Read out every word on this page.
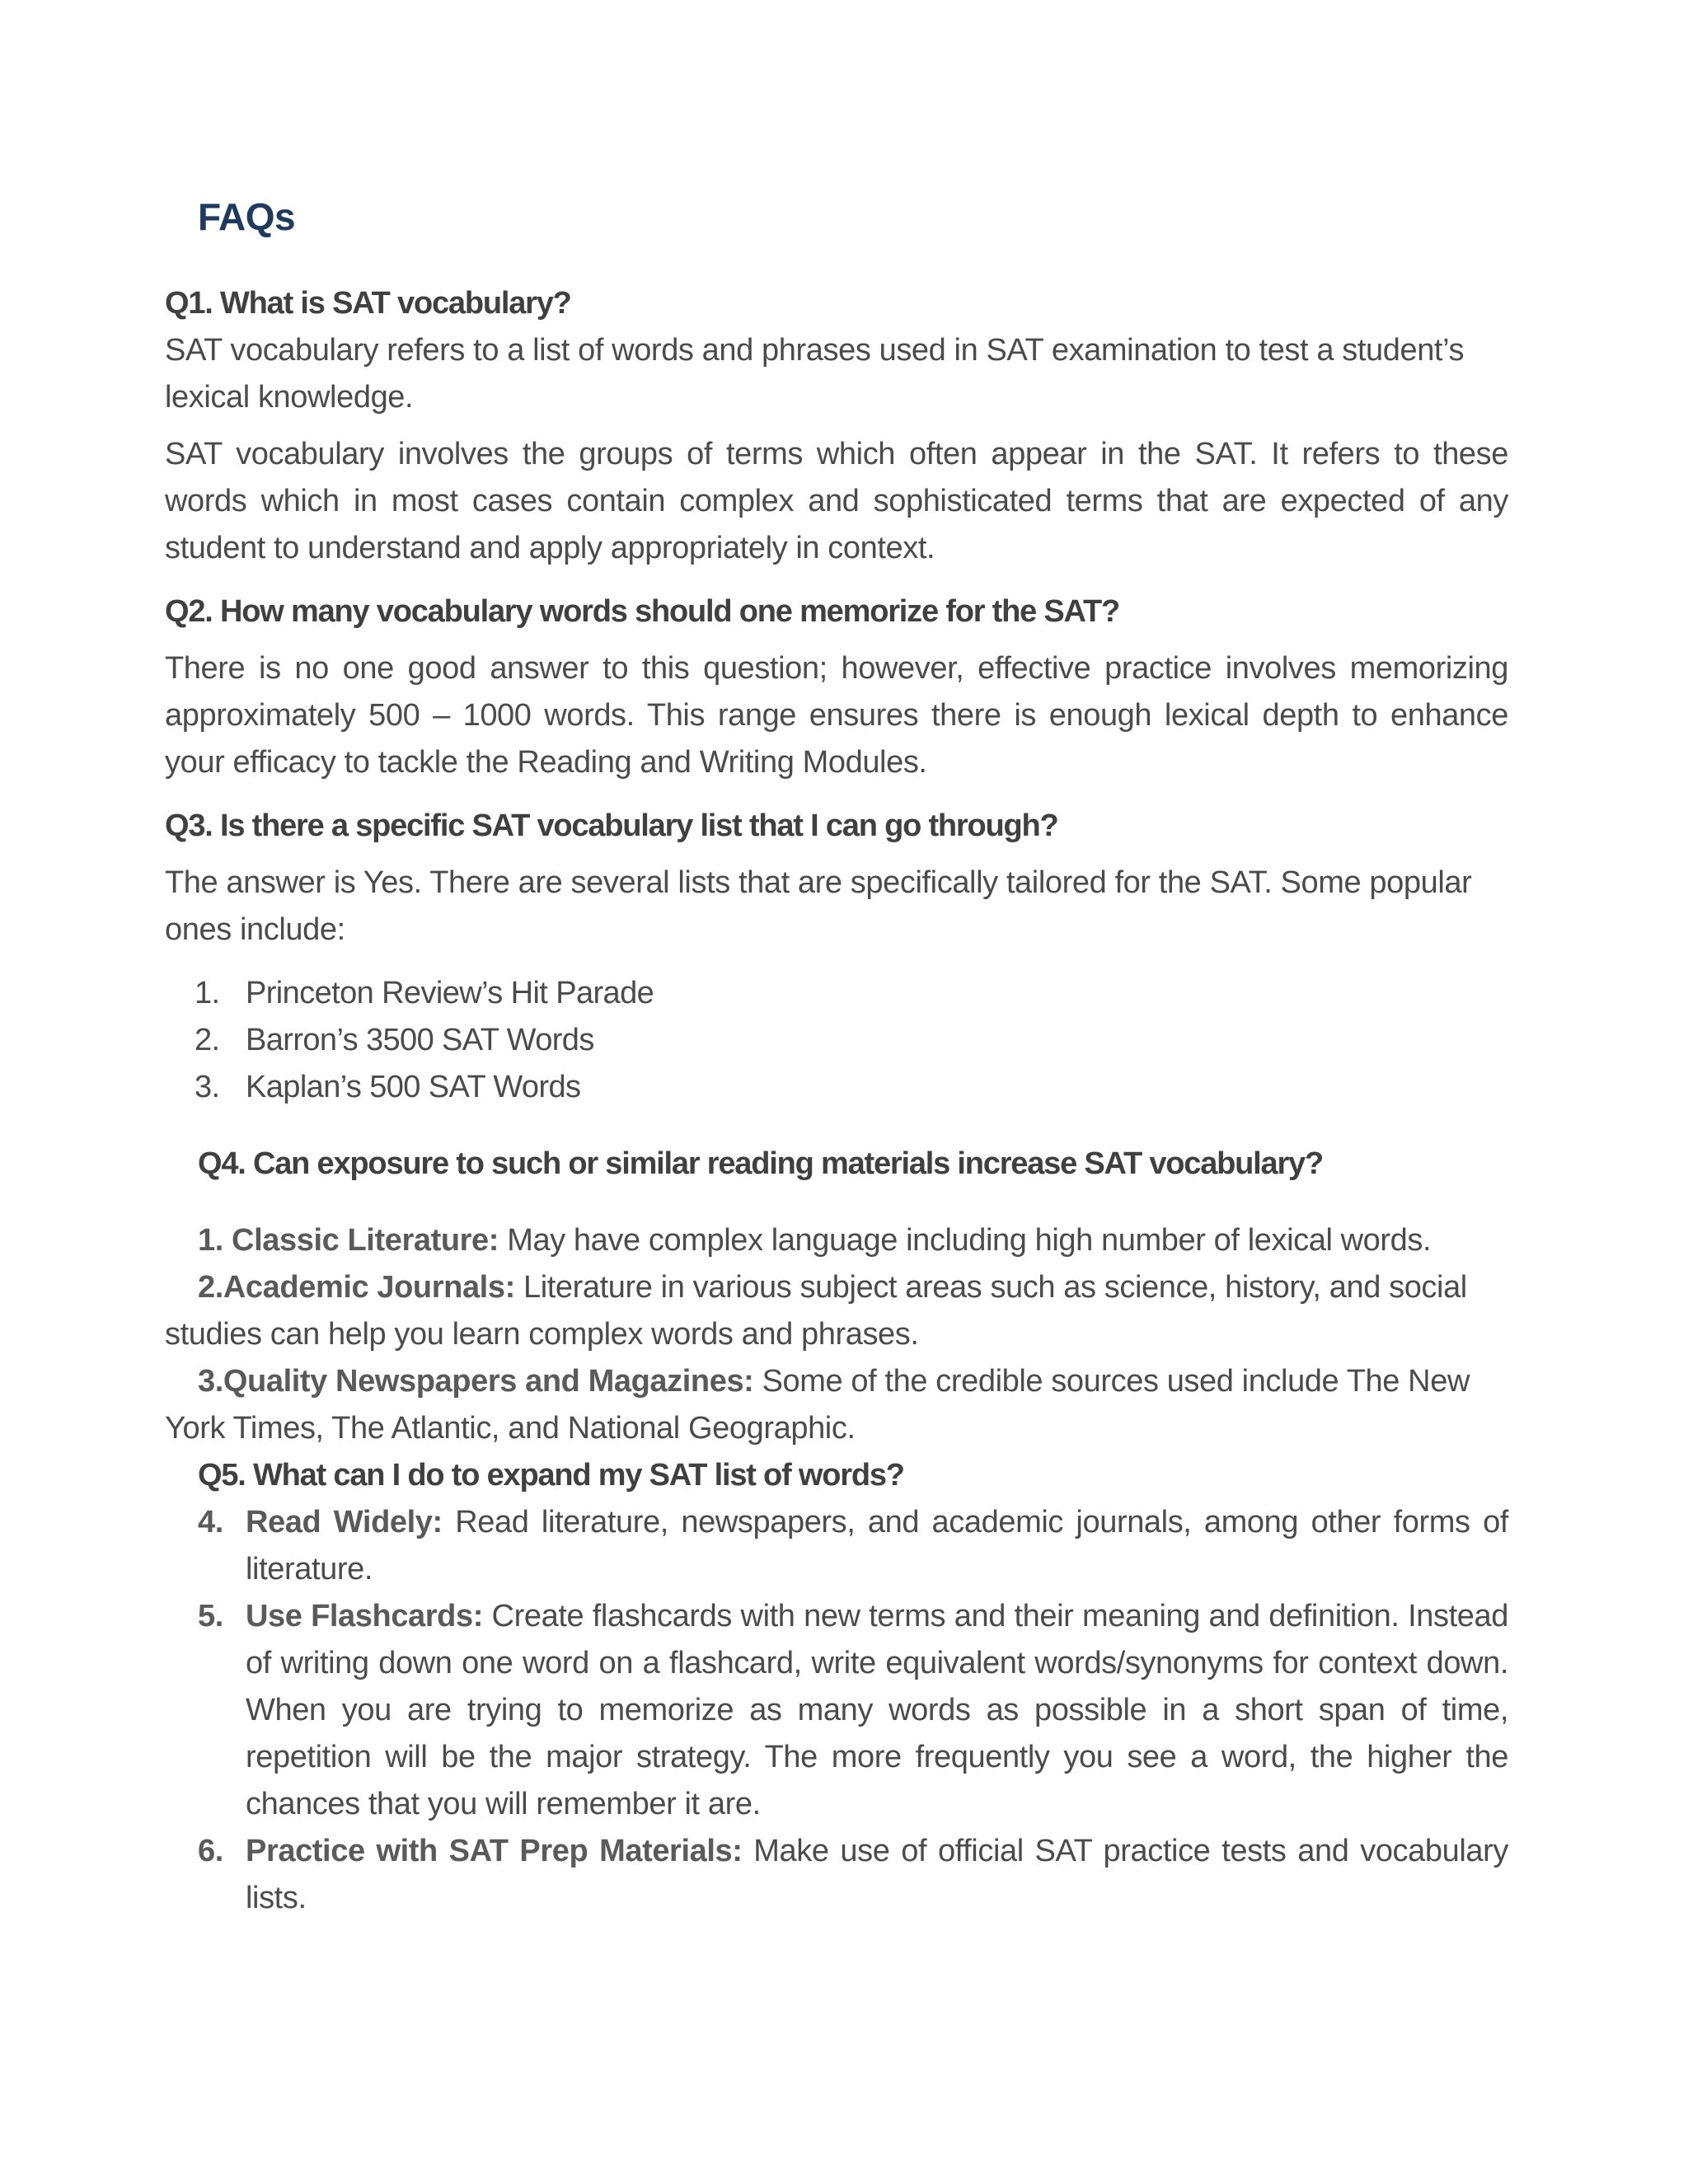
FAQs

Q1. What is SAT vocabulary?

SAT vocabulary refers to a list of words and phrases used in SAT examination to test a student’s lexical knowledge.

SAT vocabulary involves the groups of terms which often appear in the SAT. It refers to these words which in most cases contain complex and sophisticated terms that are expected of any student to understand and apply appropriately in context.

Q2. How many vocabulary words should one memorize for the SAT?

There is no one good answer to this question; however, effective practice involves memorizing approximately 500 – 1000 words. This range ensures there is enough lexical depth to enhance your efficacy to tackle the Reading and Writing Modules.

Q3. Is there a specific SAT vocabulary list that I can go through?

The answer is Yes. There are several lists that are specifically tailored for the SAT. Some popular ones include:

1. Princeton Review’s Hit Parade
2. Barron’s 3500 SAT Words
3. Kaplan’s 500 SAT Words

Q4. Can exposure to such or similar reading materials increase SAT vocabulary?

1. Classic Literature: May have complex language including high number of lexical words.

2.Academic Journals: Literature in various subject areas such as science, history, and social studies can help you learn complex words and phrases.

3.Quality Newspapers and Magazines: Some of the credible sources used include The New York Times, The Atlantic, and National Geographic.

Q5. What can I do to expand my SAT list of words?

4. Read Widely: Read literature, newspapers, and academic journals, among other forms of literature.
5. Use Flashcards: Create flashcards with new terms and their meaning and definition. Instead of writing down one word on a flashcard, write equivalent words/synonyms for context down. When you are trying to memorize as many words as possible in a short span of time, repetition will be the major strategy. The more frequently you see a word, the higher the chances that you will remember it are.
6. Practice with SAT Prep Materials: Make use of official SAT practice tests and vocabulary lists.
